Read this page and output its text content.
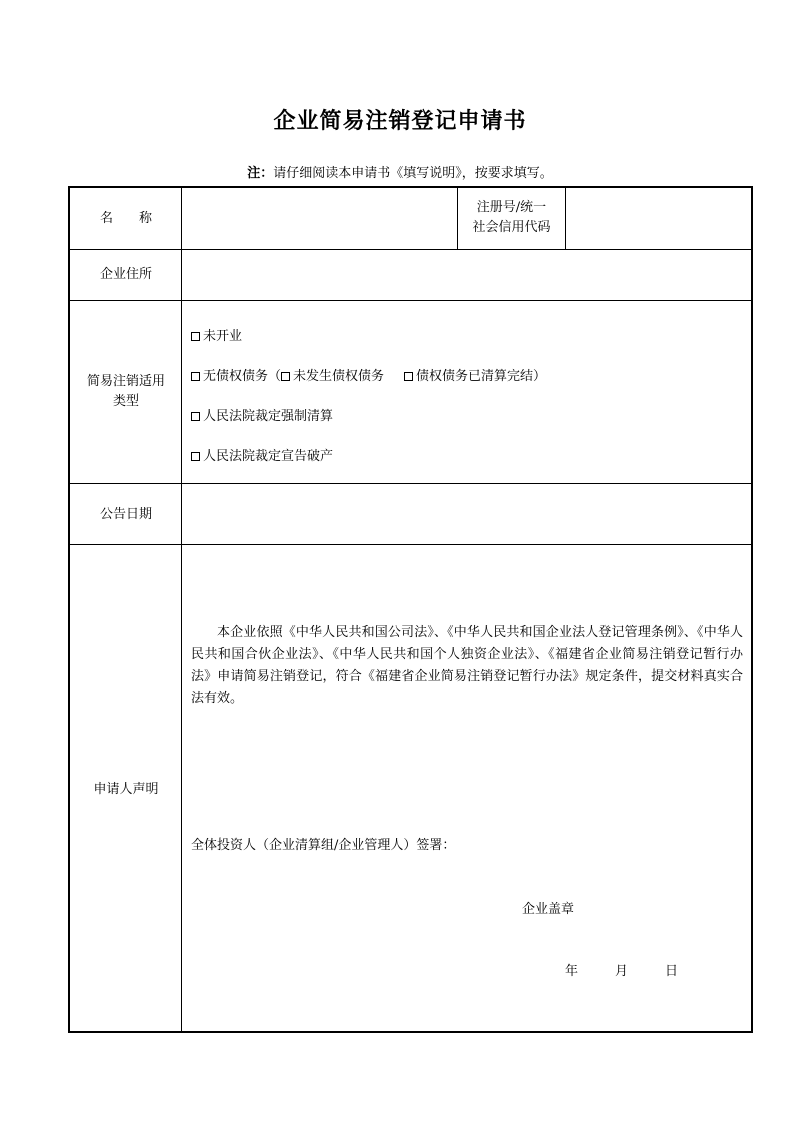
企业简易注销登记申请书
注：请仔细阅读本申请书《填写说明》，按要求填写。
名　　称
注册号/统一
社会信用代码
企业住所
简易注销适用
类型
未开业
无债权债务（ 未发生债权债务 债权债务已清算完结）
人民法院裁定强制清算
人民法院裁定宣告破产
公告日期
申请人声明
本企业依照《中华人民共和国公司法》、《中华人民共和国企业法人登记管理条例》、《中华人民共和国合伙企业法》、《中华人民共和国个人独资企业法》、《福建省企业简易注销登记暂行办法》申请简易注销登记，符合《福建省企业简易注销登记暂行办法》规定条件，提交材料真实合法有效。
全体投资人（企业清算组/企业管理人）签署：
企业盖章
年	月	日
